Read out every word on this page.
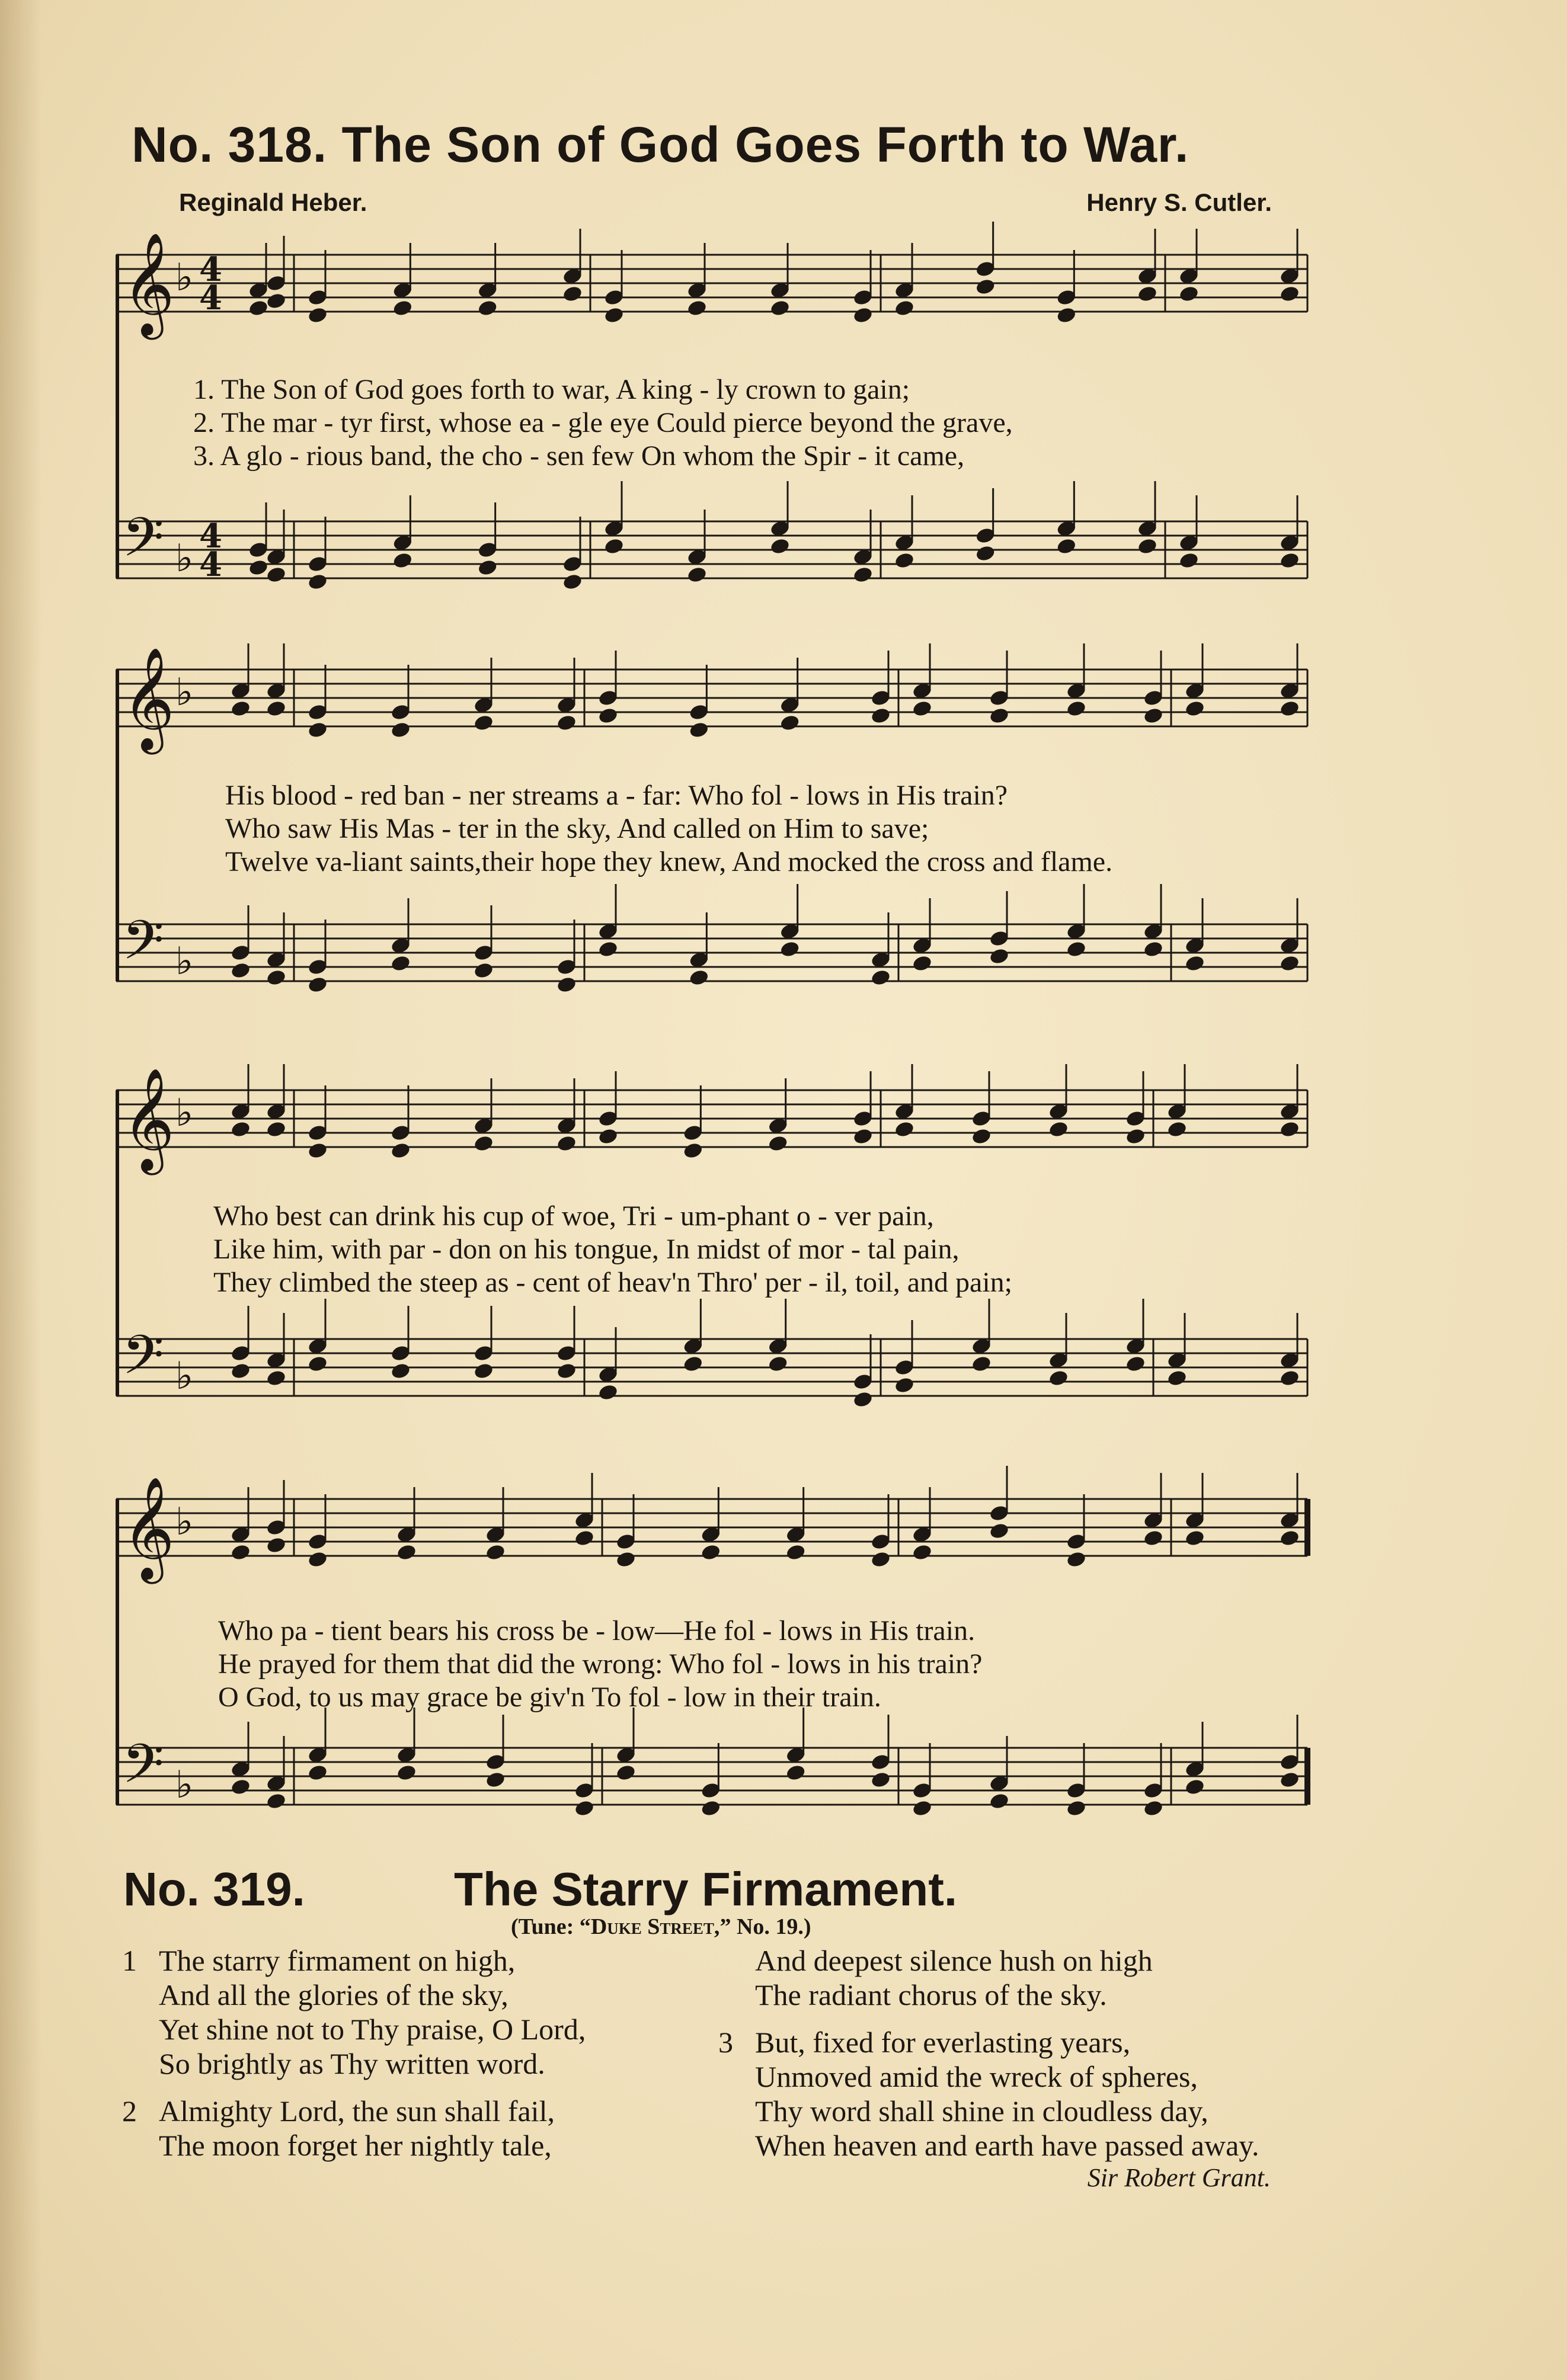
No. 318. The Son of God Goes Forth to War.
Reginald Heber.	Henry S. Cutler.
𝄞 ♭ 4
4
𝄢 ♭
4
4
1. The Son of God goes forth to war, A king - ly crown to gain;
2. The mar - tyr first, whose ea - gle eye Could pierce beyond the grave,
3. A glo - rious band, the cho - sen few On whom the Spir - it came,
𝄞 ♭
𝄢 ♭
His blood - red ban - ner streams a - far: Who fol - lows in His train?
Who saw His Mas - ter in the sky, And called on Him to save;
Twelve va-liant saints,their hope they knew, And mocked the cross and flame.
𝄞 ♭
𝄢 ♭
Who best can drink his cup of woe, Tri - um-phant o - ver pain,
Like him, with par - don on his tongue, In midst of mor - tal pain,
They climbed the steep as - cent of heav'n Thro' per - il, toil, and pain;
𝄞 ♭
𝄢 ♭
Who pa - tient bears his cross be - low—He fol - lows in His train.
He prayed for them that did the wrong: Who fol - lows in his train?
O God, to us may grace be giv'n To fol - low in their train.
No. 319.	The Starry Firmament.
(Tune: “Duke Street,” No. 19.)
1 The starry firmament on high,
And all the glories of the sky,
Yet shine not to Thy praise, O Lord,
So brightly as Thy written word.
2 Almighty Lord, the sun shall fail,
The moon forget her nightly tale,
And deepest silence hush on high
The radiant chorus of the sky.
3 But, fixed for everlasting years,
Unmoved amid the wreck of spheres,
Thy word shall shine in cloudless day,
When heaven and earth have passed away.
Sir Robert Grant.
